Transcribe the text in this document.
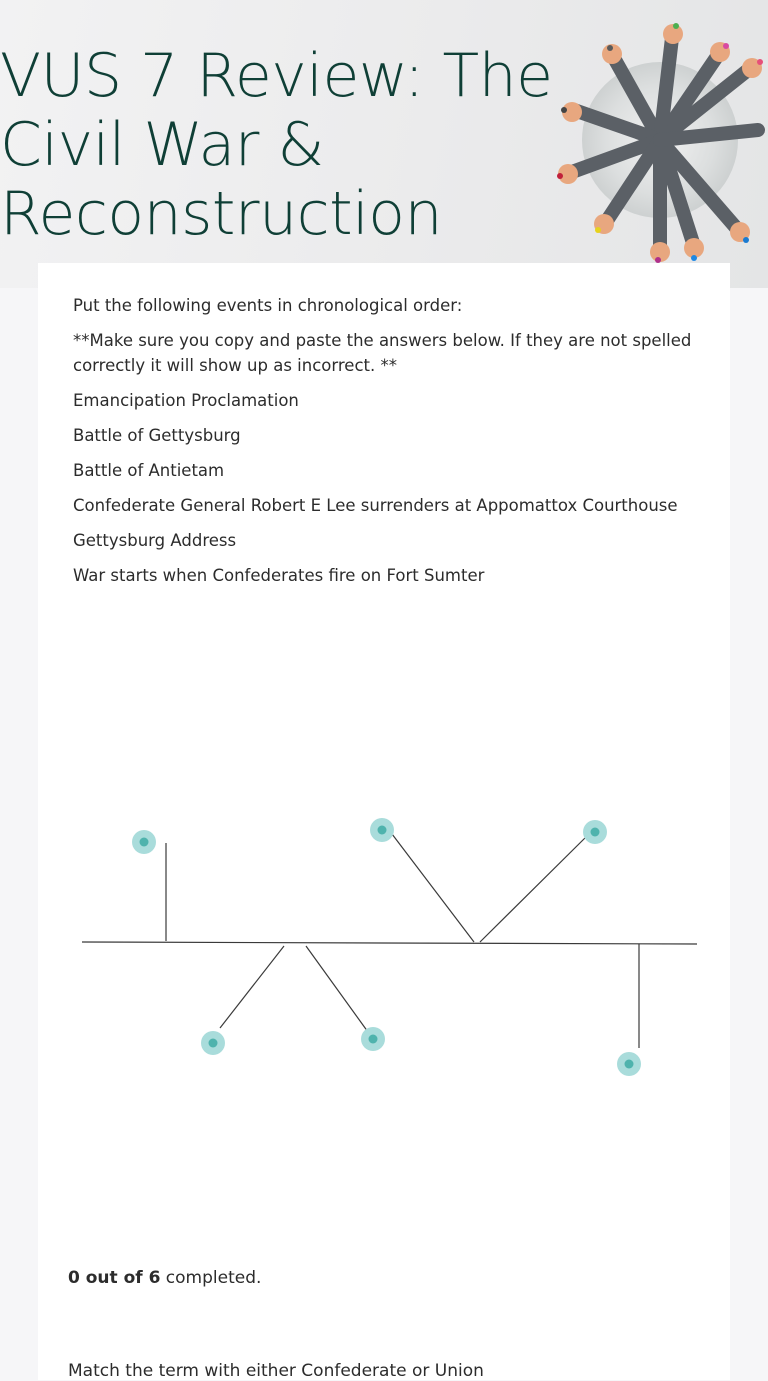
VUS 7 Review: The
Civil War &
Reconstruction

Put the following events in chronological order:

**Make sure you copy and paste the answers below. If they are not spelled correctly it will show up as incorrect. **

Emancipation Proclamation

Battle of Gettysburg

Battle of Antietam

Confederate General Robert E Lee surrenders at Appomattox Courthouse

Gettysburg Address

War starts when Confederates fire on Fort Sumter

0 out of 6 completed.
Match the term with either Confederate or Union
